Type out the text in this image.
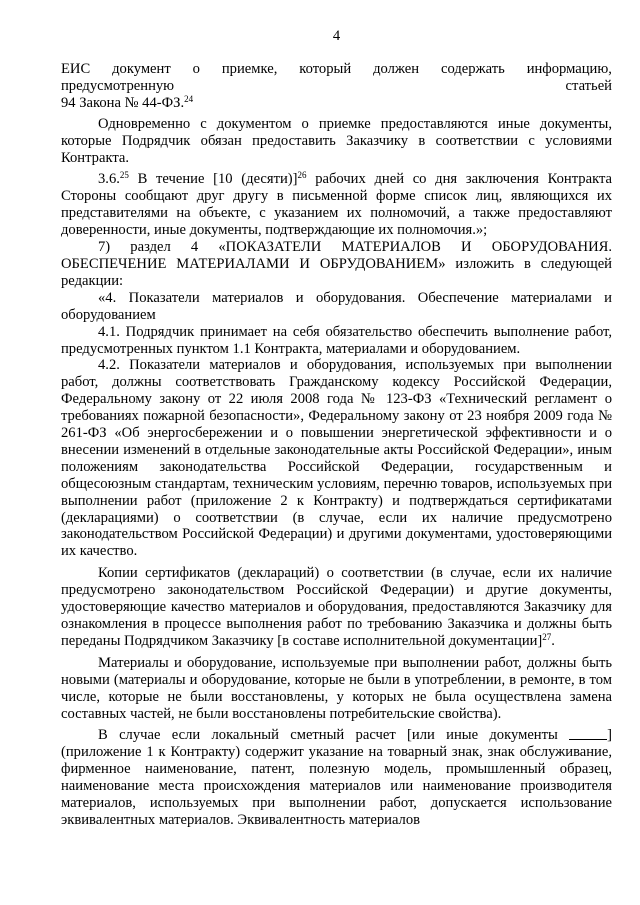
4
ЕИС документ о приемке, который должен содержать информацию,
предусмотренную	статьей

94 Закона № 44-ФЗ.$^{24}$

Одновременно с документом о приемке предоставляются иные документы, которые Подрядчик обязан предоставить Заказчику в соответствии с условиями Контракта.

3.6.25 В течение [10 (десяти)]$^{26}$ рабочих дней со дня заключения Контракта Стороны сообщают друг другу в письменной форме список лиц, являющихся их представителями на объекте, с указанием их полномочий, а также предоставляют доверенности, иные документы, подтверждающие их полномочия.»;

7) раздел 4 «ПОКАЗАТЕЛИ МАТЕРИАЛОВ И ОБОРУДОВАНИЯ. ОБЕСПЕЧЕНИЕ МАТЕРИАЛАМИ И ОБРУДОВАНИЕМ» изложить в следующей редакции:

«4. Показатели материалов и оборудования. Обеспечение материалами и оборудованием

4.1. Подрядчик принимает на себя обязательство обеспечить выполнение работ, предусмотренных пунктом 1.1 Контракта, материалами и оборудованием.

4.2. Показатели материалов и оборудования, используемых при выполнении работ, должны соответствовать Гражданскому кодексу Российской Федерации, Федеральному закону от 22 июля 2008 года № 123-ФЗ «Технический регламент о требованиях пожарной безопасности», Федеральному закону от 23 ноября 2009 года № 261-ФЗ «Об энергосбережении и о повышении энергетической эффективности и о внесении изменений в отдельные законодательные акты Российской Федерации», иным положениям законодательства Российской Федерации, государственным и общесоюзным стандартам, техническим условиям, перечню товаров, используемых при выполнении работ (приложение 2 к Контракту) и подтверждаться сертификатами (декларациями) о соответствии (в случае, если их наличие предусмотрено законодательством Российской Федерации) и другими документами, удостоверяющими их качество.

Копии сертификатов (деклараций) о соответствии (в случае, если их наличие предусмотрено законодательством Российской Федерации) и другие документы, удостоверяющие качество материалов и оборудования, предоставляются Заказчику для ознакомления в процессе выполнения работ по требованию Заказчика и должны быть переданы Подрядчиком Заказчику [в составе исполнительной документации]$^{27}$.

Материалы и оборудование, используемые при выполнении работ, должны быть новыми (материалы и оборудование, которые не были в употреблении, в ремонте, в том числе, которые не были восстановлены, у которых не была осуществлена замена составных частей, не были восстановлены потребительские свойства).

В случае если локальный сметный расчет [или иные документы	] (приложение 1 к Контракту) содержит указание на товарный знак, знак обслуживание, фирменное наименование, патент, полезную модель, промышленный образец, наименование места происхождения материалов или наименование производителя материалов, используемых при выполнении работ, допускается использование эквивалентных материалов. Эквивалентность материалов
